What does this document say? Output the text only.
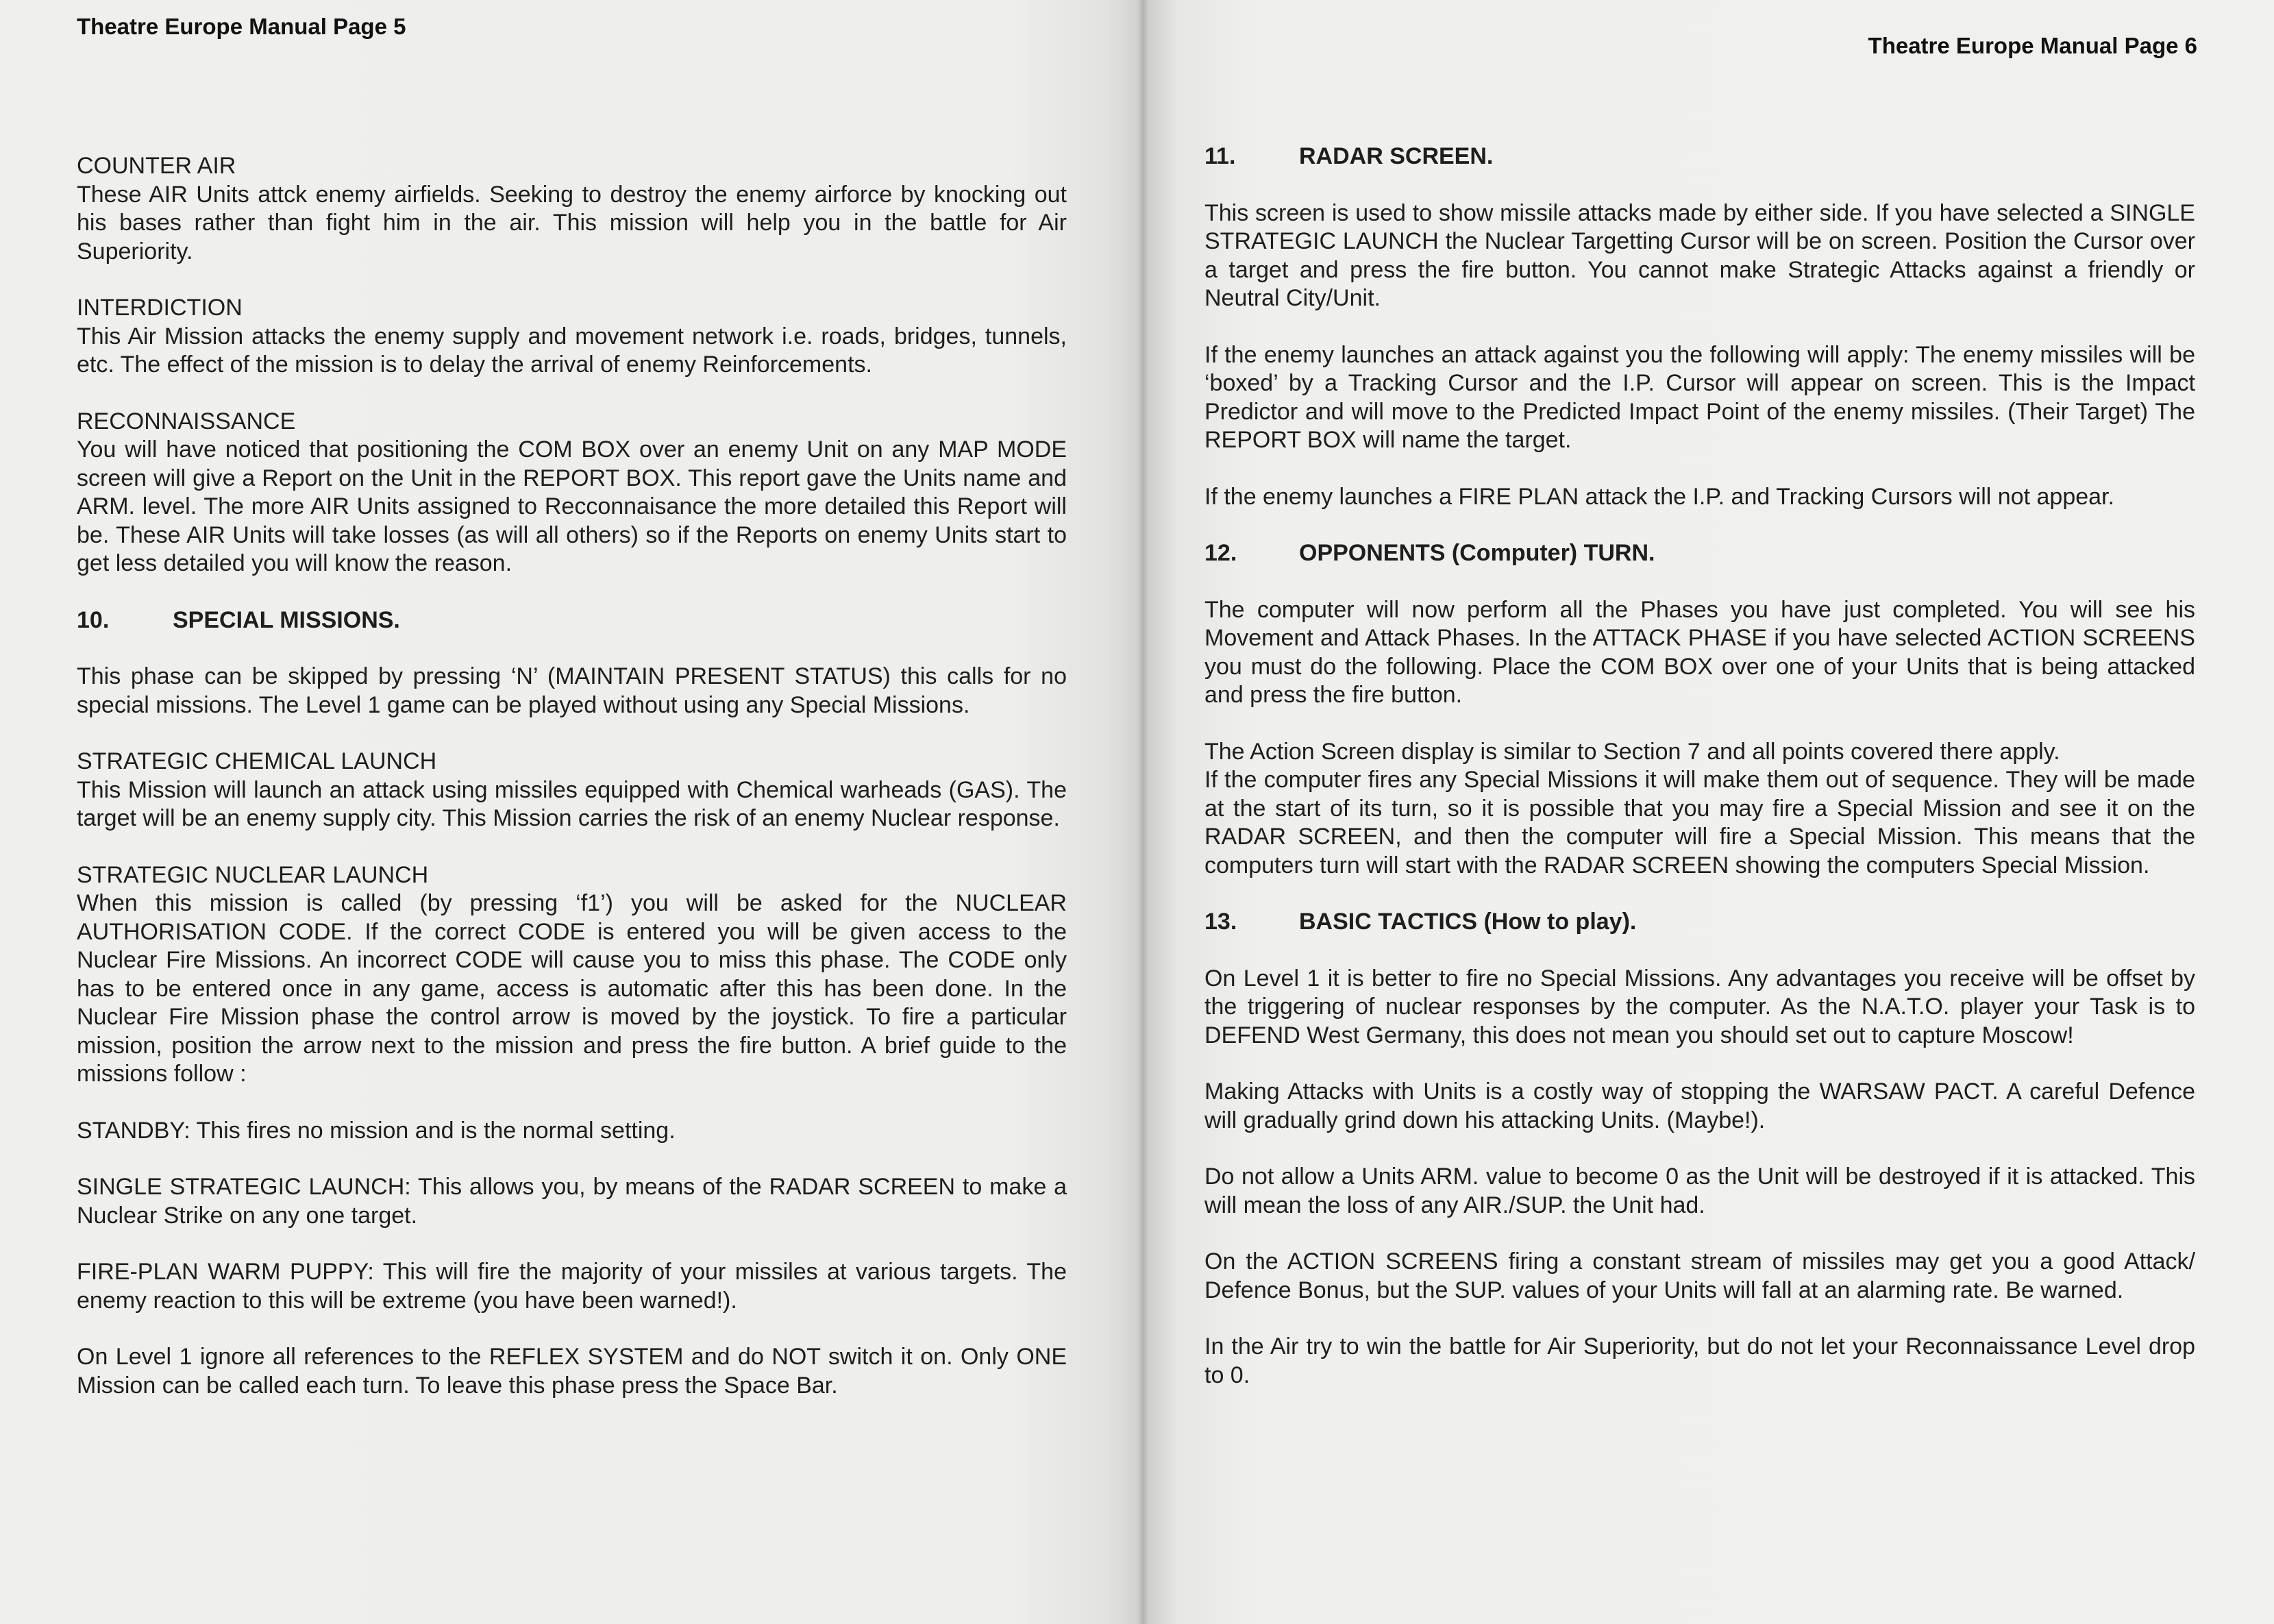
Theatre Europe Manual Page 5
COUNTER AIR

These AIR Units attck enemy airfields. Seeking to destroy the enemy airforce by knocking out his bases rather than fight him in the air. This mission will help you in the battle for Air Superiority.

INTERDICTION

This Air Mission attacks the enemy supply and movement network i.e. roads, bridges, tunnels, etc. The effect of the mission is to delay the arrival of enemy Reinforcements.

RECONNAISSANCE

You will have noticed that positioning the COM BOX over an enemy Unit on any MAP MODE screen will give a Report on the Unit in the REPORT BOX. This report gave the Units name and ARM. level. The more AIR Units assigned to Recconnaisance the more detailed this Report will be. These AIR Units will take losses (as will all others) so if the Reports on enemy Units start to get less detailed you will know the reason.

10.	SPECIAL MISSIONS.

This phase can be skipped by pressing ‘N’ (MAINTAIN PRESENT STATUS) this calls for no special missions. The Level 1 game can be played without using any Special Missions.

STRATEGIC CHEMICAL LAUNCH

This Mission will launch an attack using missiles equipped with Chemical warheads (GAS). The target will be an enemy supply city. This Mission carries the risk of an enemy Nuclear response.

STRATEGIC NUCLEAR LAUNCH

When this mission is called (by pressing ‘f1’) you will be asked for the NUCLEAR AUTHORISATION CODE. If the correct CODE is entered you will be given access to the Nuclear Fire Missions. An incorrect CODE will cause you to miss this phase. The CODE only has to be entered once in any game, access is automatic after this has been done. In the Nuclear Fire Mission phase the control arrow is moved by the joystick. To fire a particular mission, position the arrow next to the mission and press the fire button. A brief guide to the missions follow :

STANDBY: This fires no mission and is the normal setting.

SINGLE STRATEGIC LAUNCH: This allows you, by means of the RADAR SCREEN to make a Nuclear Strike on any one target.

FIRE-PLAN WARM PUPPY: This will fire the majority of your missiles at various targets. The enemy reaction to this will be extreme (you have been warned!).

On Level 1 ignore all references to the REFLEX SYSTEM and do NOT switch it on. Only ONE Mission can be called each turn. To leave this phase press the Space Bar.

Theatre Europe Manual Page 6
11.	RADAR SCREEN.

This screen is used to show missile attacks made by either side. If you have selected a SINGLE STRATEGIC LAUNCH the Nuclear Targetting Cursor will be on screen. Position the Cursor over a target and press the fire button. You cannot make Strategic Attacks against a friendly or Neutral City/Unit.

If the enemy launches an attack against you the following will apply: The enemy missiles will be ‘boxed’ by a Tracking Cursor and the I.P. Cursor will appear on screen. This is the Impact Predictor and will move to the Predicted Impact Point of the enemy missiles. (Their Target) The REPORT BOX will name the target.

If the enemy launches a FIRE PLAN attack the I.P. and Tracking Cursors will not appear.

12.	OPPONENTS (Computer) TURN.

The computer will now perform all the Phases you have just completed. You will see his Movement and Attack Phases. In the ATTACK PHASE if you have selected ACTION SCREENS you must do the following. Place the COM BOX over one of your Units that is being attacked and press the fire button.

The Action Screen display is similar to Section 7 and all points covered there apply.

If the computer fires any Special Missions it will make them out of sequence. They will be made at the start of its turn, so it is possible that you may fire a Special Mission and see it on the RADAR SCREEN, and then the computer will fire a Special Mission. This means that the computers turn will start with the RADAR SCREEN showing the computers Special Mission.

13.	BASIC TACTICS (How to play).

On Level 1 it is better to fire no Special Missions. Any advantages you receive will be offset by the triggering of nuclear responses by the computer. As the N.A.T.O. player your Task is to DEFEND West Germany, this does not mean you should set out to capture Moscow!

Making Attacks with Units is a costly way of stopping the WARSAW PACT. A careful Defence will gradually grind down his attacking Units. (Maybe!).

Do not allow a Units ARM. value to become 0 as the Unit will be destroyed if it is attacked. This will mean the loss of any AIR./SUP. the Unit had.

On the ACTION SCREENS firing a constant stream of missiles may get you a good Attack/ Defence Bonus, but the SUP. values of your Units will fall at an alarming rate. Be warned.

In the Air try to win the battle for Air Superiority, but do not let your Reconnaissance Level drop to 0.
